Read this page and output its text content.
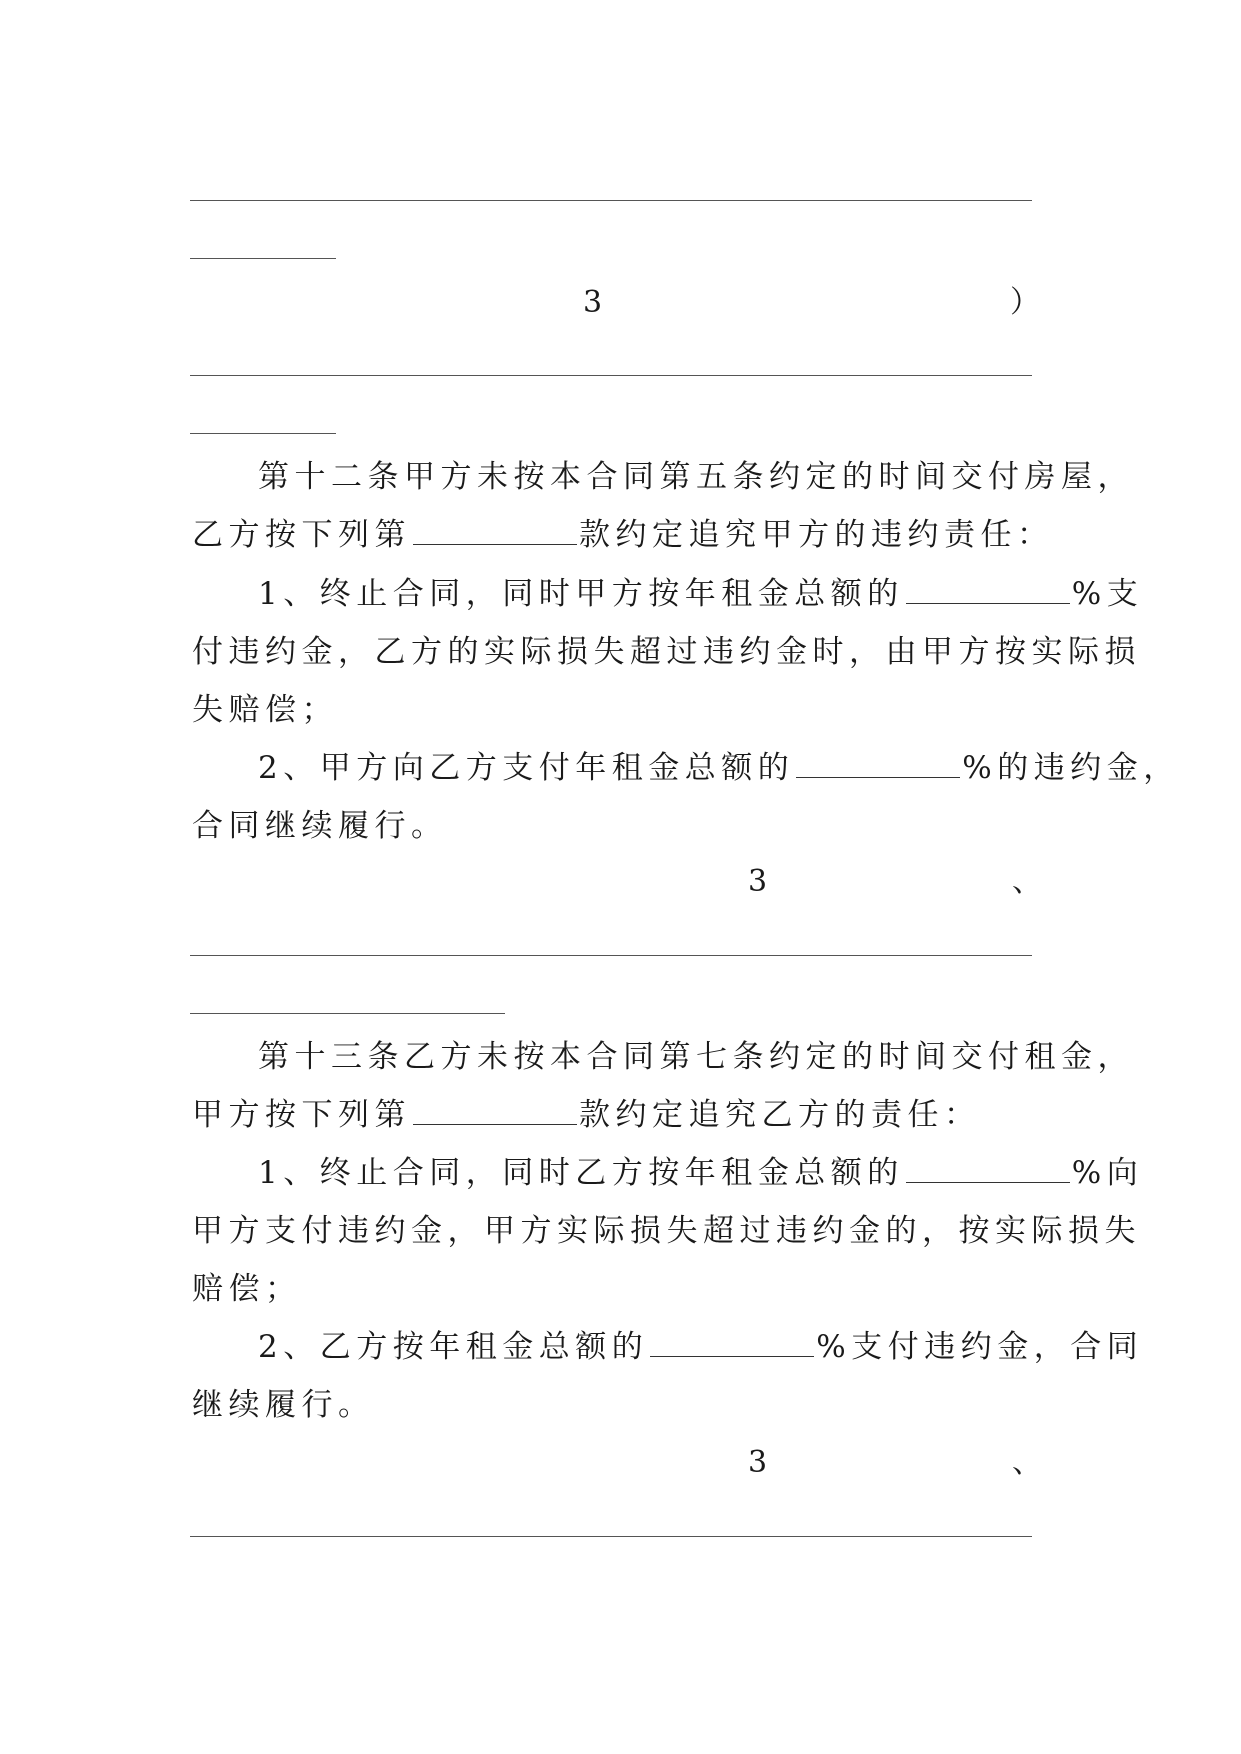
3	）
第十二条甲方未按本合同第五条约定的时间交付房屋，
乙方按下列第	款约定追究甲方的违约责任：
1、终止合同，同时甲方按年租金总额的	%支
付违约金，乙方的实际损失超过违约金时，由甲方按实际损
失赔偿；
2、甲方向乙方支付年租金总额的	%的违约金，
合同继续履行。
3	、
第十三条乙方未按本合同第七条约定的时间交付租金，
甲方按下列第	款约定追究乙方的责任：
1、终止合同，同时乙方按年租金总额的	%向
甲方支付违约金，甲方实际损失超过违约金的，按实际损失
赔偿；
2、乙方按年租金总额的	%支付违约金，合同
继续履行。
3	、
